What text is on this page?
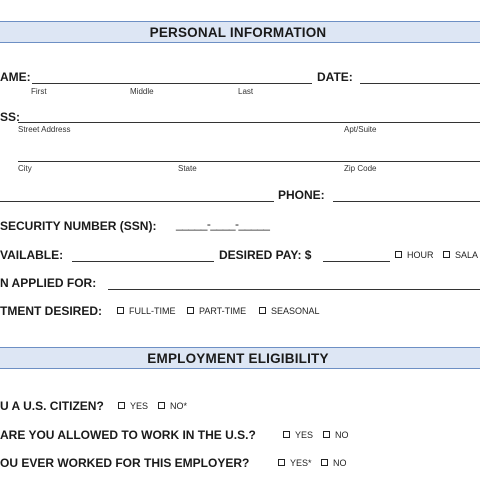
PERSONAL INFORMATION
AME:
First	Middle	Last
DATE:
SS:
Street Address	Apt/Suite
City	State	Zip Code
PHONE:
SECURITY NUMBER (SSN): _____-____-_____
VAILABLE:	DESIRED PAY: $	HOUR SALA
N APPLIED FOR:
TMENT DESIRED:	FULL-TIME	PART-TIME	SEASONAL
EMPLOYMENT ELIGIBILITY
U A U.S. CITIZEN?	YES NO*
ARE YOU ALLOWED TO WORK IN THE U.S.?	YES NO
OU EVER WORKED FOR THIS EMPLOYER?	YES* NO
